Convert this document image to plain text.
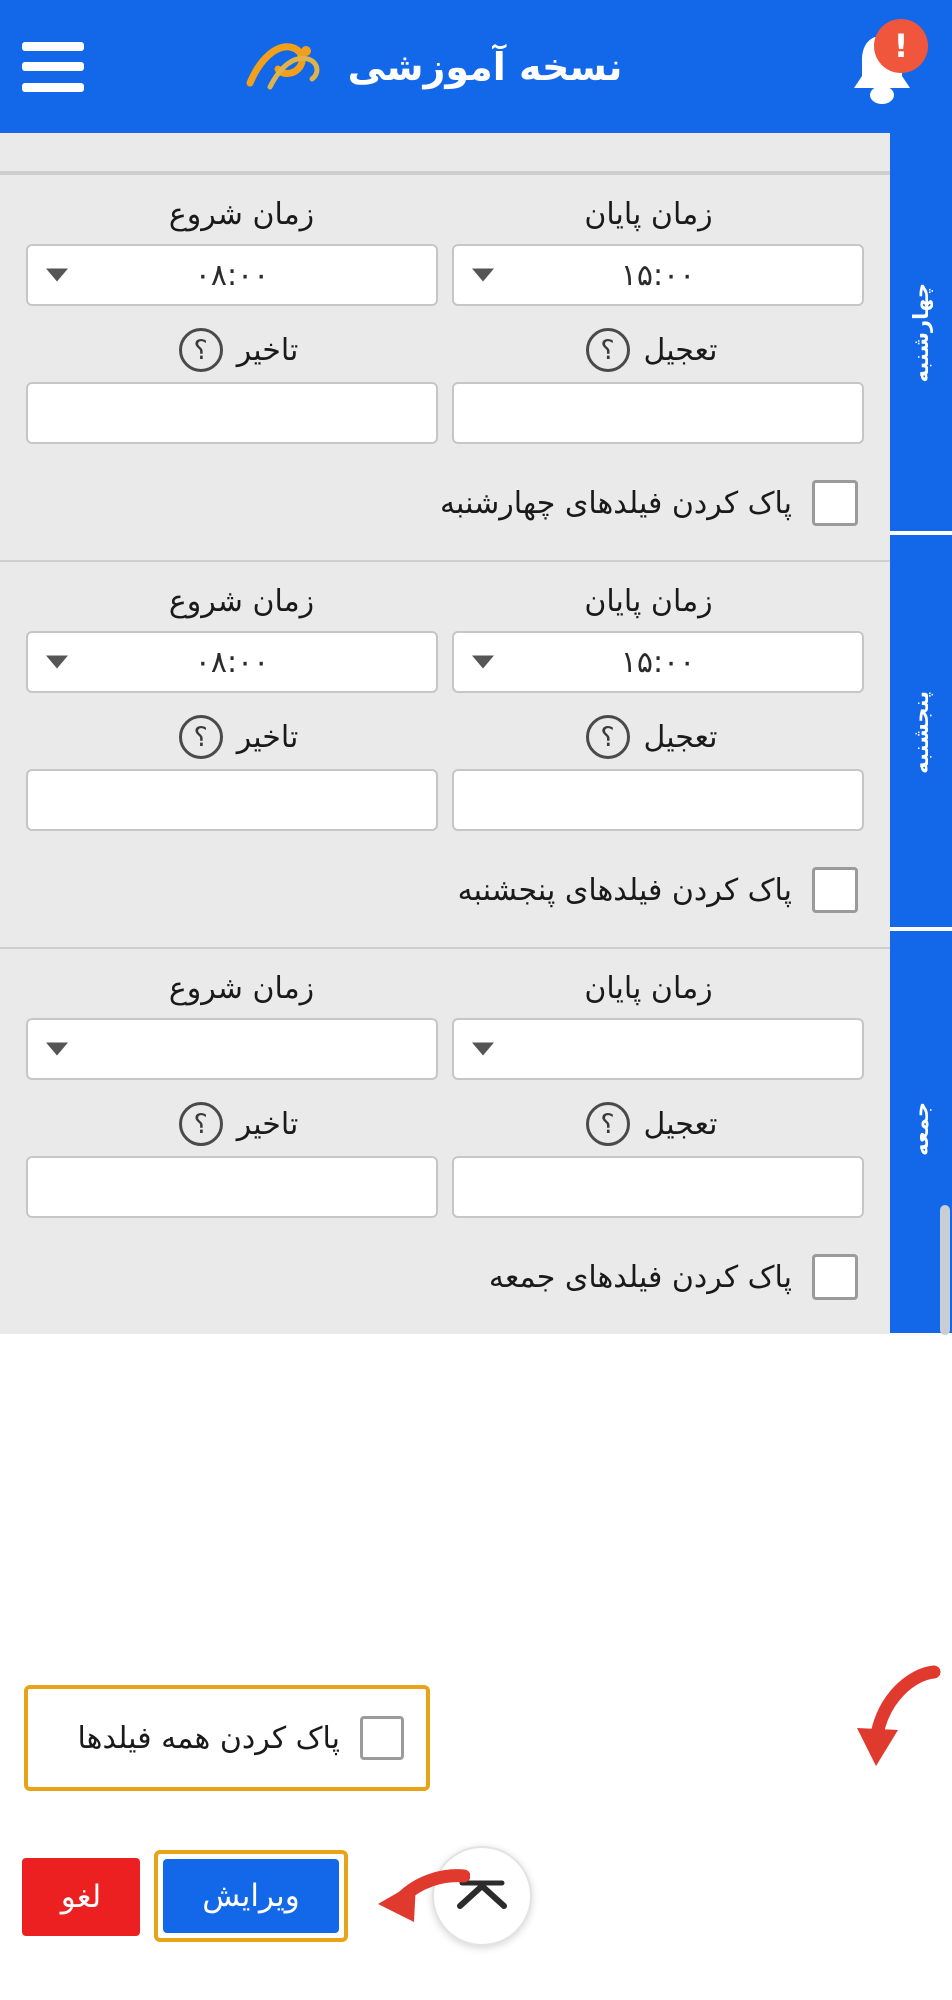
!
نسخه آموزشی
چهارشنبه
پنجشنبه
جمعه
زمان پایان
زمان شروع
۱۵:۰۰
۰۸:۰۰
تعجیل
؟
تاخیر
؟
پاک کردن فیلدهای چهارشنبه
زمان پایان
زمان شروع
۱۵:۰۰
۰۸:۰۰
تعجیل
؟
تاخیر
؟
پاک کردن فیلدهای پنجشنبه
زمان پایان
زمان شروع
تعجیل
؟
تاخیر
؟
پاک کردن فیلدهای جمعه
پاک کردن همه فیلدها
ویرایش
لغو
